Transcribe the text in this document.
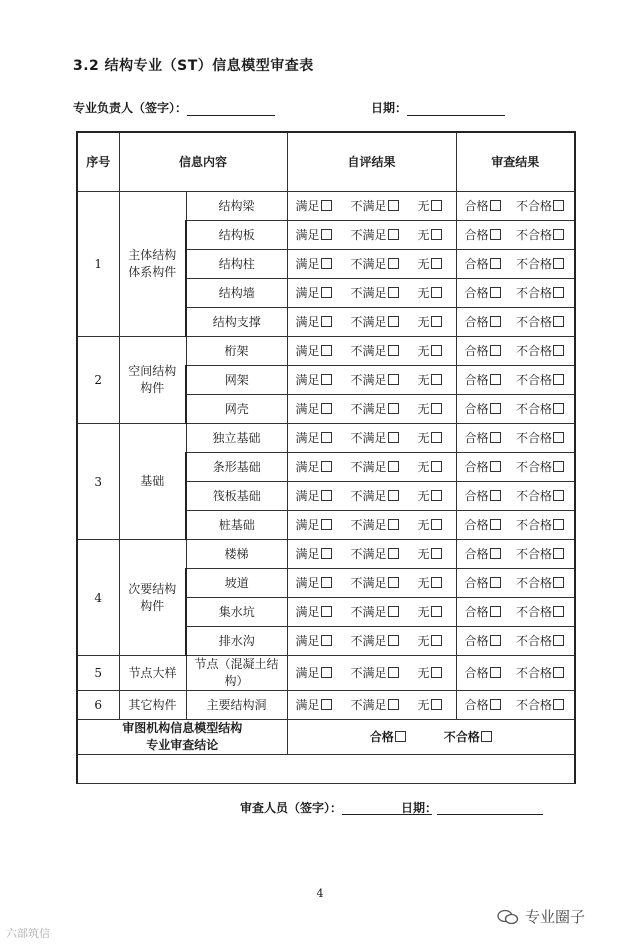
3.2 结构专业（ST）信息模型审查表
专业负责人（签字）：	日期：
序号	信息内容		自评结果	审查结果
1	主体结构体系构件	结构梁	满足 不满足 无	合格 不合格

		结构板	满足 不满足 无	合格 不合格

		结构柱	满足 不满足 无	合格 不合格

		结构墙	满足 不满足 无	合格 不合格

		结构支撑	满足 不满足 无	合格 不合格

2	空间结构构件	桁架	满足 不满足 无	合格 不合格

		网架	满足 不满足 无	合格 不合格

		网壳	满足 不满足 无	合格 不合格

3	基础	独立基础	满足 不满足 无	合格 不合格

		条形基础	满足 不满足 无	合格 不合格

		筏板基础	满足 不满足 无	合格 不合格

		桩基础	满足 不满足 无	合格 不合格

4	次要结构构件	楼梯	满足 不满足 无	合格 不合格

		坡道	满足 不满足 无	合格 不合格

		集水坑	满足 不满足 无	合格 不合格

		排水沟	满足 不满足 无	合格 不合格

5	节点大样	节点（混凝土结构）	满足 不满足 无	合格 不合格

6	其它构件	主要结构洞	满足 不满足 无	合格 不合格

审图机构信息模型结构专业审查结论			合格 不合格	

审查人员（签字）： 日期：				
4
六部筑信
专业圈子
